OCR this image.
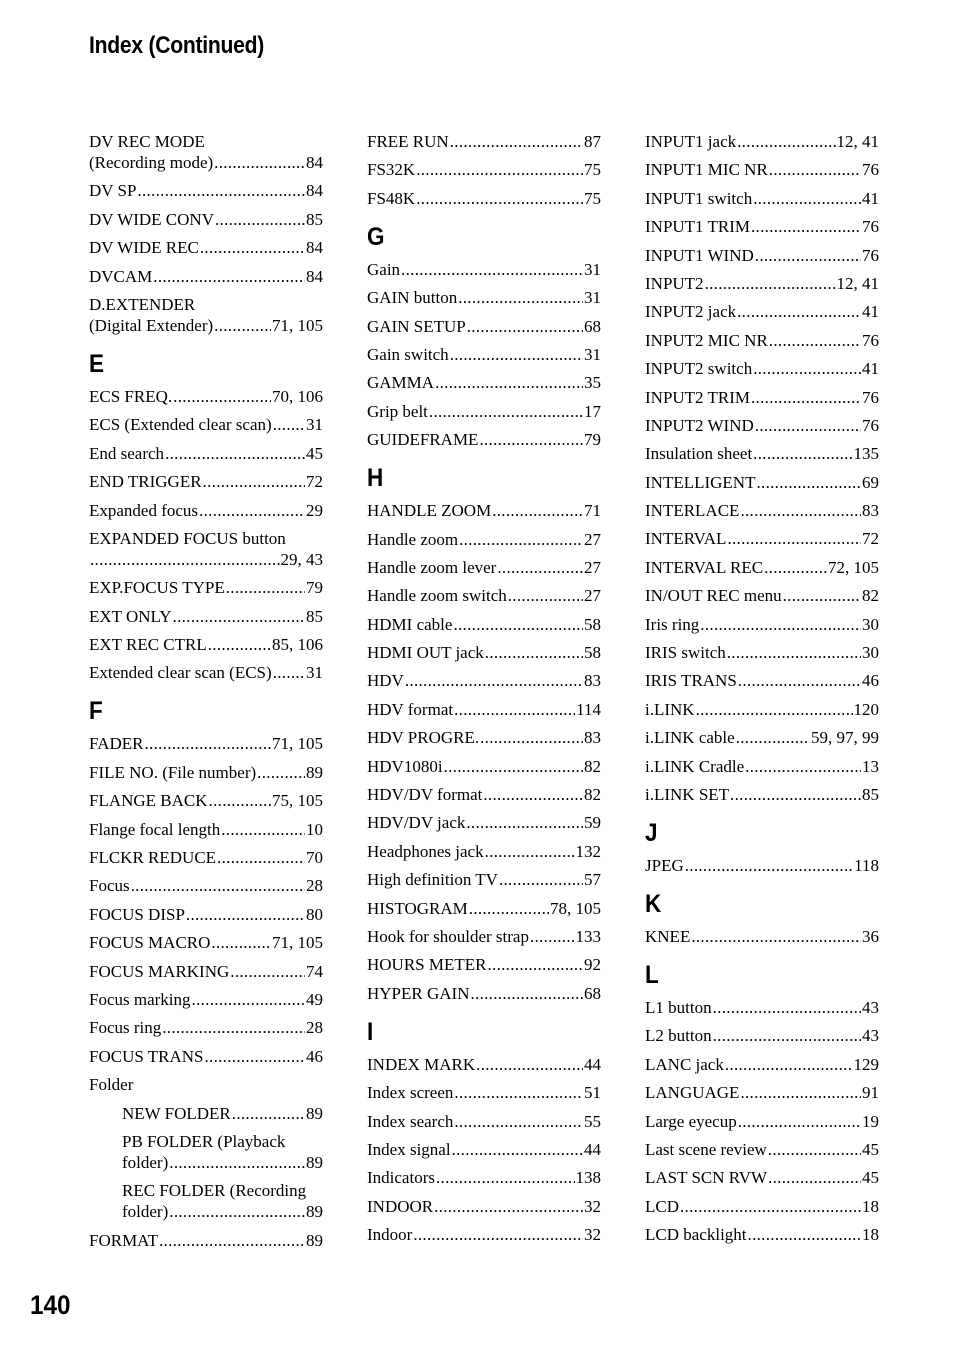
Index (Continued)
DV REC MODE
(Recording mode) .....	84
DV SP .....	84
DV WIDE CONV .....	85
DV WIDE REC .....	84
DVCAM .....	84
D.EXTENDER
(Digital Extender) .....	71, 105
E
ECS FREQ. .....	70, 106
ECS (Extended clear scan) ..... 31
End search .....	45
END TRIGGER .....	72
Expanded focus .....	29
EXPANDED FOCUS button
.....
29, 43
EXP.FOCUS TYPE .....	79
EXT ONLY .....	85
EXT REC CTRL .....	85, 106
Extended clear scan (ECS) ..... 31
F
FADER .....	71, 105
FILE NO. (File number) .....	89
FLANGE BACK .....	75, 105
Flange focal length .....	10
FLCKR REDUCE .....	70
Focus .....	28
FOCUS DISP .....	80
FOCUS MACRO .....	71, 105
FOCUS MARKING .....	74
Focus marking .....	49
Focus ring .....	28
FOCUS TRANS .....	46
Folder
NEW FOLDER .....	89
PB FOLDER (Playback
folder) .....	89
REC FOLDER (Recording
folder) .....	89
FORMAT .....	89
FREE RUN .....	87
FS32K .....	75
FS48K .....	75
G
Gain .....	31
GAIN button .....	31
GAIN SETUP .....	68
Gain switch .....	31
GAMMA .....	35
Grip belt .....	17
GUIDEFRAME .....	79
H
HANDLE ZOOM .....	71
Handle zoom .....	27
Handle zoom lever .....	27
Handle zoom switch .....	27
HDMI cable .....	58
HDMI OUT jack .....	58
HDV .....	83
HDV format .....	114
HDV PROGRE. .....	83
HDV1080i .....	82
HDV/DV format .....	82
HDV/DV jack .....	59
Headphones jack .....	132
High definition TV .....	57
HISTOGRAM .....	78, 105
Hook for shoulder strap .....	133
HOURS METER .....	92
HYPER GAIN .....	68
I
INDEX MARK .....	44
Index screen .....	51
Index search .....	55
Index signal .....	44
Indicators .....	138
INDOOR .....	32
Indoor .....	32
INPUT1 jack .....	12, 41
INPUT1 MIC NR .....	76
INPUT1 switch .....	41
INPUT1 TRIM .....	76
INPUT1 WIND .....	76
INPUT2 .....	12, 41
INPUT2 jack .....	41
INPUT2 MIC NR .....	76
INPUT2 switch .....	41
INPUT2 TRIM .....	76
INPUT2 WIND .....	76
Insulation sheet .....	135
INTELLIGENT .....	69
INTERLACE .....	83
INTERVAL .....	72
INTERVAL REC .....	72, 105
IN/OUT REC menu .....	82
Iris ring .....	30
IRIS switch .....	30
IRIS TRANS .....	46
i.LINK .....	120
i.LINK cable .....	59, 97, 99
i.LINK Cradle .....	13
i.LINK SET .....	85
J
JPEG .....	118
K
KNEE .....	36
L
L1 button .....	43
L2 button .....	43
LANC jack .....	129
LANGUAGE .....	91
Large eyecup .....	19
Last scene review .....	45
LAST SCN RVW .....	45
LCD .....	18
LCD backlight .....	18
140
